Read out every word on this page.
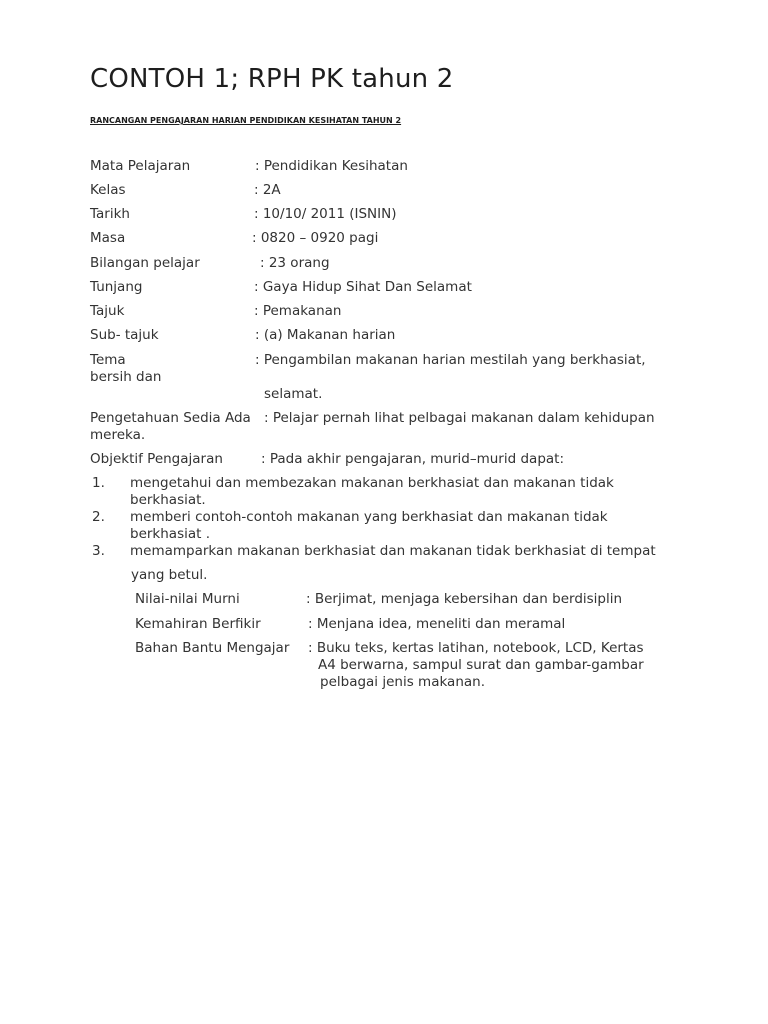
CONTOH 1; RPH PK tahun 2
RANCANGAN PENGAJARAN HARIAN PENDIDIKAN KESIHATAN TAHUN 2
Mata Pelajaran	: Pendidikan Kesihatan
Kelas	: 2A
Tarikh	: 10/10/ 2011 (ISNIN)
Masa	: 0820 – 0920 pagi
Bilangan pelajar	: 23 orang
Tunjang	: Gaya Hidup Sihat Dan Selamat
Tajuk	: Pemakanan
Sub- tajuk	: (a) Makanan harian
Tema	: Pengambilan makanan harian mestilah yang berkhasiat,
bersih dan
selamat.
Pengetahuan Sedia Ada : Pelajar pernah lihat pelbagai makanan dalam kehidupan
mereka.
Objektif Pengajaran	: Pada akhir pengajaran, murid–murid dapat:
1. mengetahui dan membezakan makanan berkhasiat dan makanan tidak
berkhasiat.
2. memberi contoh-contoh makanan yang berkhasiat dan makanan tidak
berkhasiat .
3. memamparkan makanan berkhasiat dan makanan tidak berkhasiat di tempat
yang betul.
Nilai-nilai Murni	: Berjimat, menjaga kebersihan dan berdisiplin
Kemahiran Berfikir	: Menjana idea, meneliti dan meramal
Bahan Bantu Mengajar : Buku teks, kertas latihan, notebook, LCD, Kertas
A4 berwarna, sampul surat dan gambar-gambar
pelbagai jenis makanan.
